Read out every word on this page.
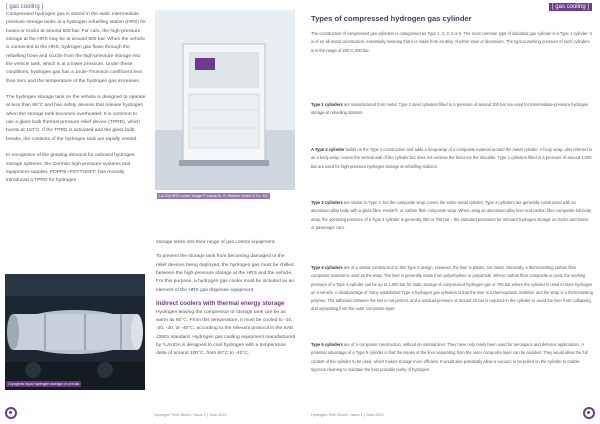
[ gas cooling ]

Compressed hydrogen gas is stored in the static intermediate pressure storage tanks at a hydrogen refuelling station (HRS) for buses or trucks at around 500 bar. For cars, the high-pressure storage at the HRS may be at around 900 bar. When the vehicle is connected to the HRS, hydrogen gas flows through the refuelling hose and nozzle from the high-pressure storage into the vehicle tank, which is at a lower pressure. Under these conditions, hydrogen gas has a Joule-Thomson coefficient less than zero and the temperature of the hydrogen gas increases.

The hydrogen storage tank on the vehicle is designed to operate at less than 85°C and has safety devices that release hydrogen when the storage tank becomes overheated. It is common to use a glass bulb thermal pressure relief device (TPRD), which bursts at 110°C. If the TPRD is activated and the glass bulb breaks, the contents of the hydrogen tank are rapidly vented.

In recognition of the growing demand for onboard hydrogen storage systems, the German high-pressure systems and equipment supplier, POPPE+POTTHOFF, has recently introduced a TPRD for hydrogen

LAUDA HRS cooler. Image © Lauda Dr. R. Wobser GmbH & Co. KG

storage tanks into their range of gas control equipment.

To prevent the storage tank from becoming damaged or the relief devices being deployed, the hydrogen gas must be chilled between the high-pressure storage at the HRS and the vehicle. For this purpose, a hydrogen gas cooler must be included as an element of the HRS gas dispense equipment.

Indirect coolers with thermal energy storage

Hydrogen leaving the compressor or storage tank can be as warm as 60°C. From this temperature, it must be cooled to -10, -20, -30, or -40°C, according to the relevant protocol in the SAE J2601 standard. Hydrogen gas cooling equipment manufactured by *LAUDA is designed to cool hydrogen with a temperature delta of around 100°C, from 60°C to -40°C.

Cryogenic liquid hydrogen storage on a truck
Hydrogen Tech World / Issue 1 | June 2024
[ gas cooling ]
Types of compressed hydrogen gas cylinder
The construction of compressed gas cylinders is categorised as Type 1, 2, 3, 4 or 5. The most common type of industrial gas cylinder is a Type 1 cylinder. It is of an all-metal construction, essentially meaning that it is made from an alloy of either steel or aluminium. The typical working pressure of such cylinders is in the range of 200 to 300 bar.
Type 1 cylinders are manufactured from metal. Type 1 steel cylinders filled to a pressure of around 300 bar are used for intermediate-pressure hydrogen storage at refuelling stations.
A Type 2 cylinder builds on the Type 1 construction and adds a hoop-wrap of a composite material around the metal cylinder. A hoop wrap, also referred to as a body wrap, covers the vertical wall of the cylinder but does not enclose the head nor the shoulder. Type 2 cylinders filled to a pressure of around 1,000 bar are used for high-pressure hydrogen storage at refuelling stations.
Type 3 cylinders are similar to Type 2, but the composite wrap covers the entire metal cylinder. Type 3 cylinders are generally constructed with an aluminium alloy body with a glass fibre, Kevlar®, or carbon fibre composite wrap. When using an aluminium alloy liner and carbon fibre composite full-body wrap, the operating pressure of a Type 3 cylinder is generally 350 or 700 bar – the standard pressures for onboard hydrogen storage on trucks and buses or passenger cars.
Type 4 cylinders are of a similar construction to this Type 3 design. However, the liner is plastic, not metal. Generally, a thermosetting carbon fibre composite material is used as the wrap. The liner is generally made from polyethylene or polyamide. Where carbon fibre composite is used, the working pressure of a Type 4 cylinder can be up to 1,000 bar for static storage of compressed hydrogen gas or 700 bar where the cylinder is used to store hydrogen on a vehicle. A disadvantage of many established Type 4 hydrogen gas cylinders is that the liner is a thermoplastic material, and the wrap is a thermosetting polymer. The adhesion between the two is not perfect, and a residual pressure of around 20 bar is required in the cylinder to avoid the liner from collapsing and separating from the outer composite layer.
Type 5 cylinders are of a composite construction, without an internal liner. They have only rarely been used for aerospace and defence applications. A potential advantage of a Type 5 cylinder is that the issues of the liner separating from the outer composite layer can be avoided. They would allow the full content of the cylinder to be used, which makes storage more efficient. It would also potentially allow a vacuum to be pulled on the cylinder to enable rigorous cleaning to maintain the best possible purity of hydrogen.
Hydrogen Tech World / Issue 1 | June 2024
